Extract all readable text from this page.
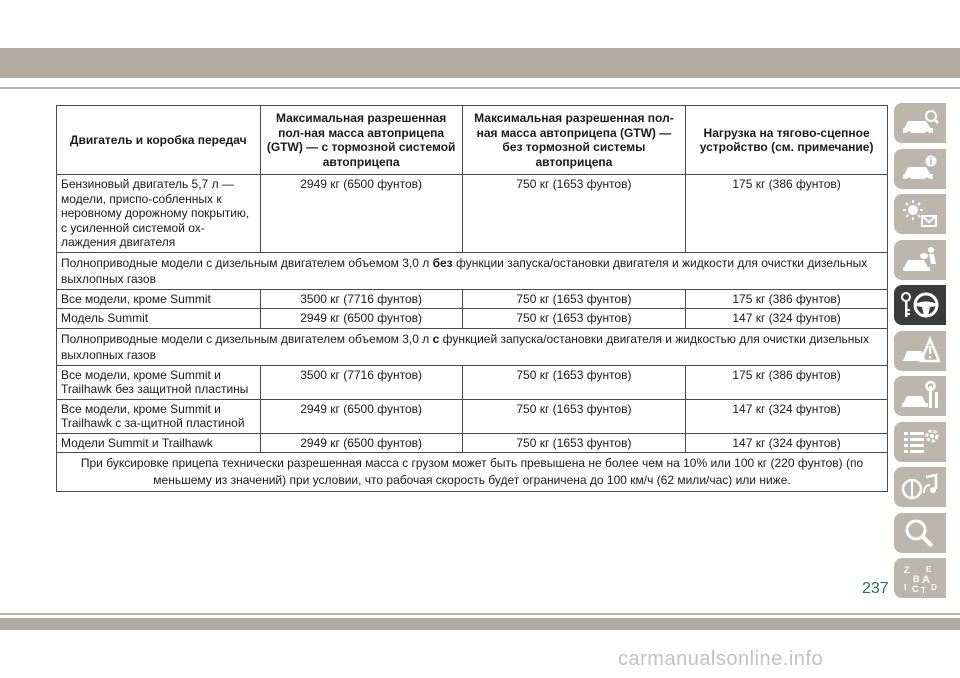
Двигатель и коробка передач	Максимальная разрешенная пол-ная масса автоприцепа (GTW) — с тормозной системой автоприцепа	Максимальная разрешенная пол-ная масса автоприцепа (GTW) — без тормозной системы автоприцепа	Нагрузка на тягово-сцепное устройство (см. примечание)
Бензиновый двигатель 5,7 л — модели, приспо-собленных к неровному дорожному покрытию, с усиленной системой ох-лаждения двигателя	2949 кг (6500 фунтов)	750 кг (1653 фунтов)	175 кг (386 фунтов)
Полноприводные модели с дизельным двигателем объемом 3,0 л без функции запуска/остановки двигателя и жидкости для очистки дизельных выхлопных газов			
Все модели, кроме Summit	3500 кг (7716 фунтов)	750 кг (1653 фунтов)	175 кг (386 фунтов)
Модель Summit	2949 кг (6500 фунтов)	750 кг (1653 фунтов)	147 кг (324 фунтов)
Полноприводные модели с дизельным двигателем объемом 3,0 л с функцией запуска/остановки двигателя и жидкостью для очистки дизельных выхлопных газов			
Все модели, кроме Summit и Trailhawk без защитной пластины	3500 кг (7716 фунтов)	750 кг (1653 фунтов)	175 кг (386 фунтов)
Все модели, кроме Summit и Trailhawk с за-щитной пластиной	2949 кг (6500 фунтов)	750 кг (1653 фунтов)	147 кг (324 фунтов)
Модели Summit и Trailhawk	2949 кг (6500 фунтов)	750 кг (1653 фунтов)	147 кг (324 фунтов)
При буксировке прицепа технически разрешенная масса с грузом может быть превышена не более чем на 10% или 100 кг (220 фунтов) (по меньшему из значений) при условии, что рабочая скорость будет ограничена до 100 км/ч (62 мили/час) или ниже.			
Z E
B A
I C T D
237
carmanualsonline.info
